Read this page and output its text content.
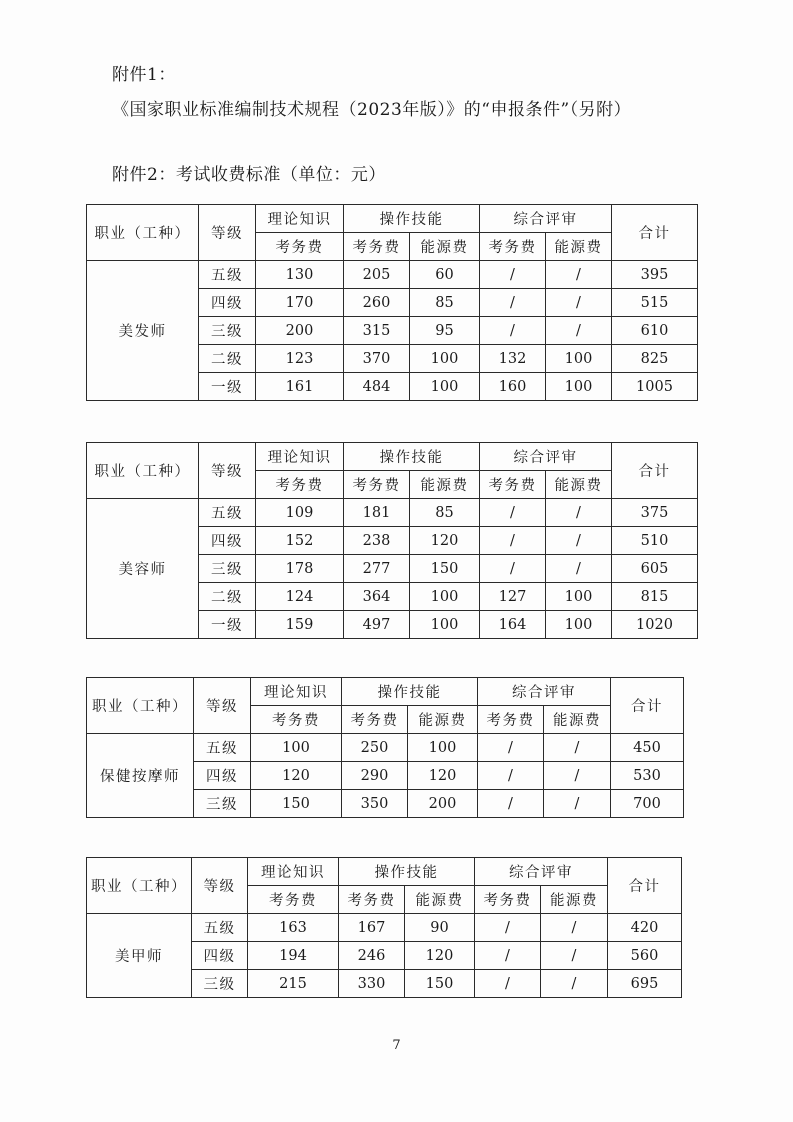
附件1：
《国家职业标准编制技术规程（2023年版）》的“申报条件”（另附）
附件2：考试收费标准（单位：元）
职业（工种）	等级	理论知识	操作技能		综合评审		合计
		考务费	考务费	能源费	考务费	能源费	
美发师	五级	130	205	60	/	/	395
	四级	170	260	85	/	/	515
	三级	200	315	95	/	/	610
	二级	123	370	100	132	100	825
	一级	161	484	100	160	100	1005
职业（工种）	等级	理论知识	操作技能		综合评审		合计
		考务费	考务费	能源费	考务费	能源费	
美容师	五级	109	181	85	/	/	375
	四级	152	238	120	/	/	510
	三级	178	277	150	/	/	605
	二级	124	364	100	127	100	815
	一级	159	497	100	164	100	1020
职业（工种）	等级	理论知识	操作技能		综合评审		合计
		考务费	考务费	能源费	考务费	能源费	
保健按摩师	五级	100	250	100	/	/	450
	四级	120	290	120	/	/	530
	三级	150	350	200	/	/	700
职业（工种）	等级	理论知识	操作技能		综合评审		合计
		考务费	考务费	能源费	考务费	能源费	
美甲师	五级	163	167	90	/	/	420
	四级	194	246	120	/	/	560
	三级	215	330	150	/	/	695
7
